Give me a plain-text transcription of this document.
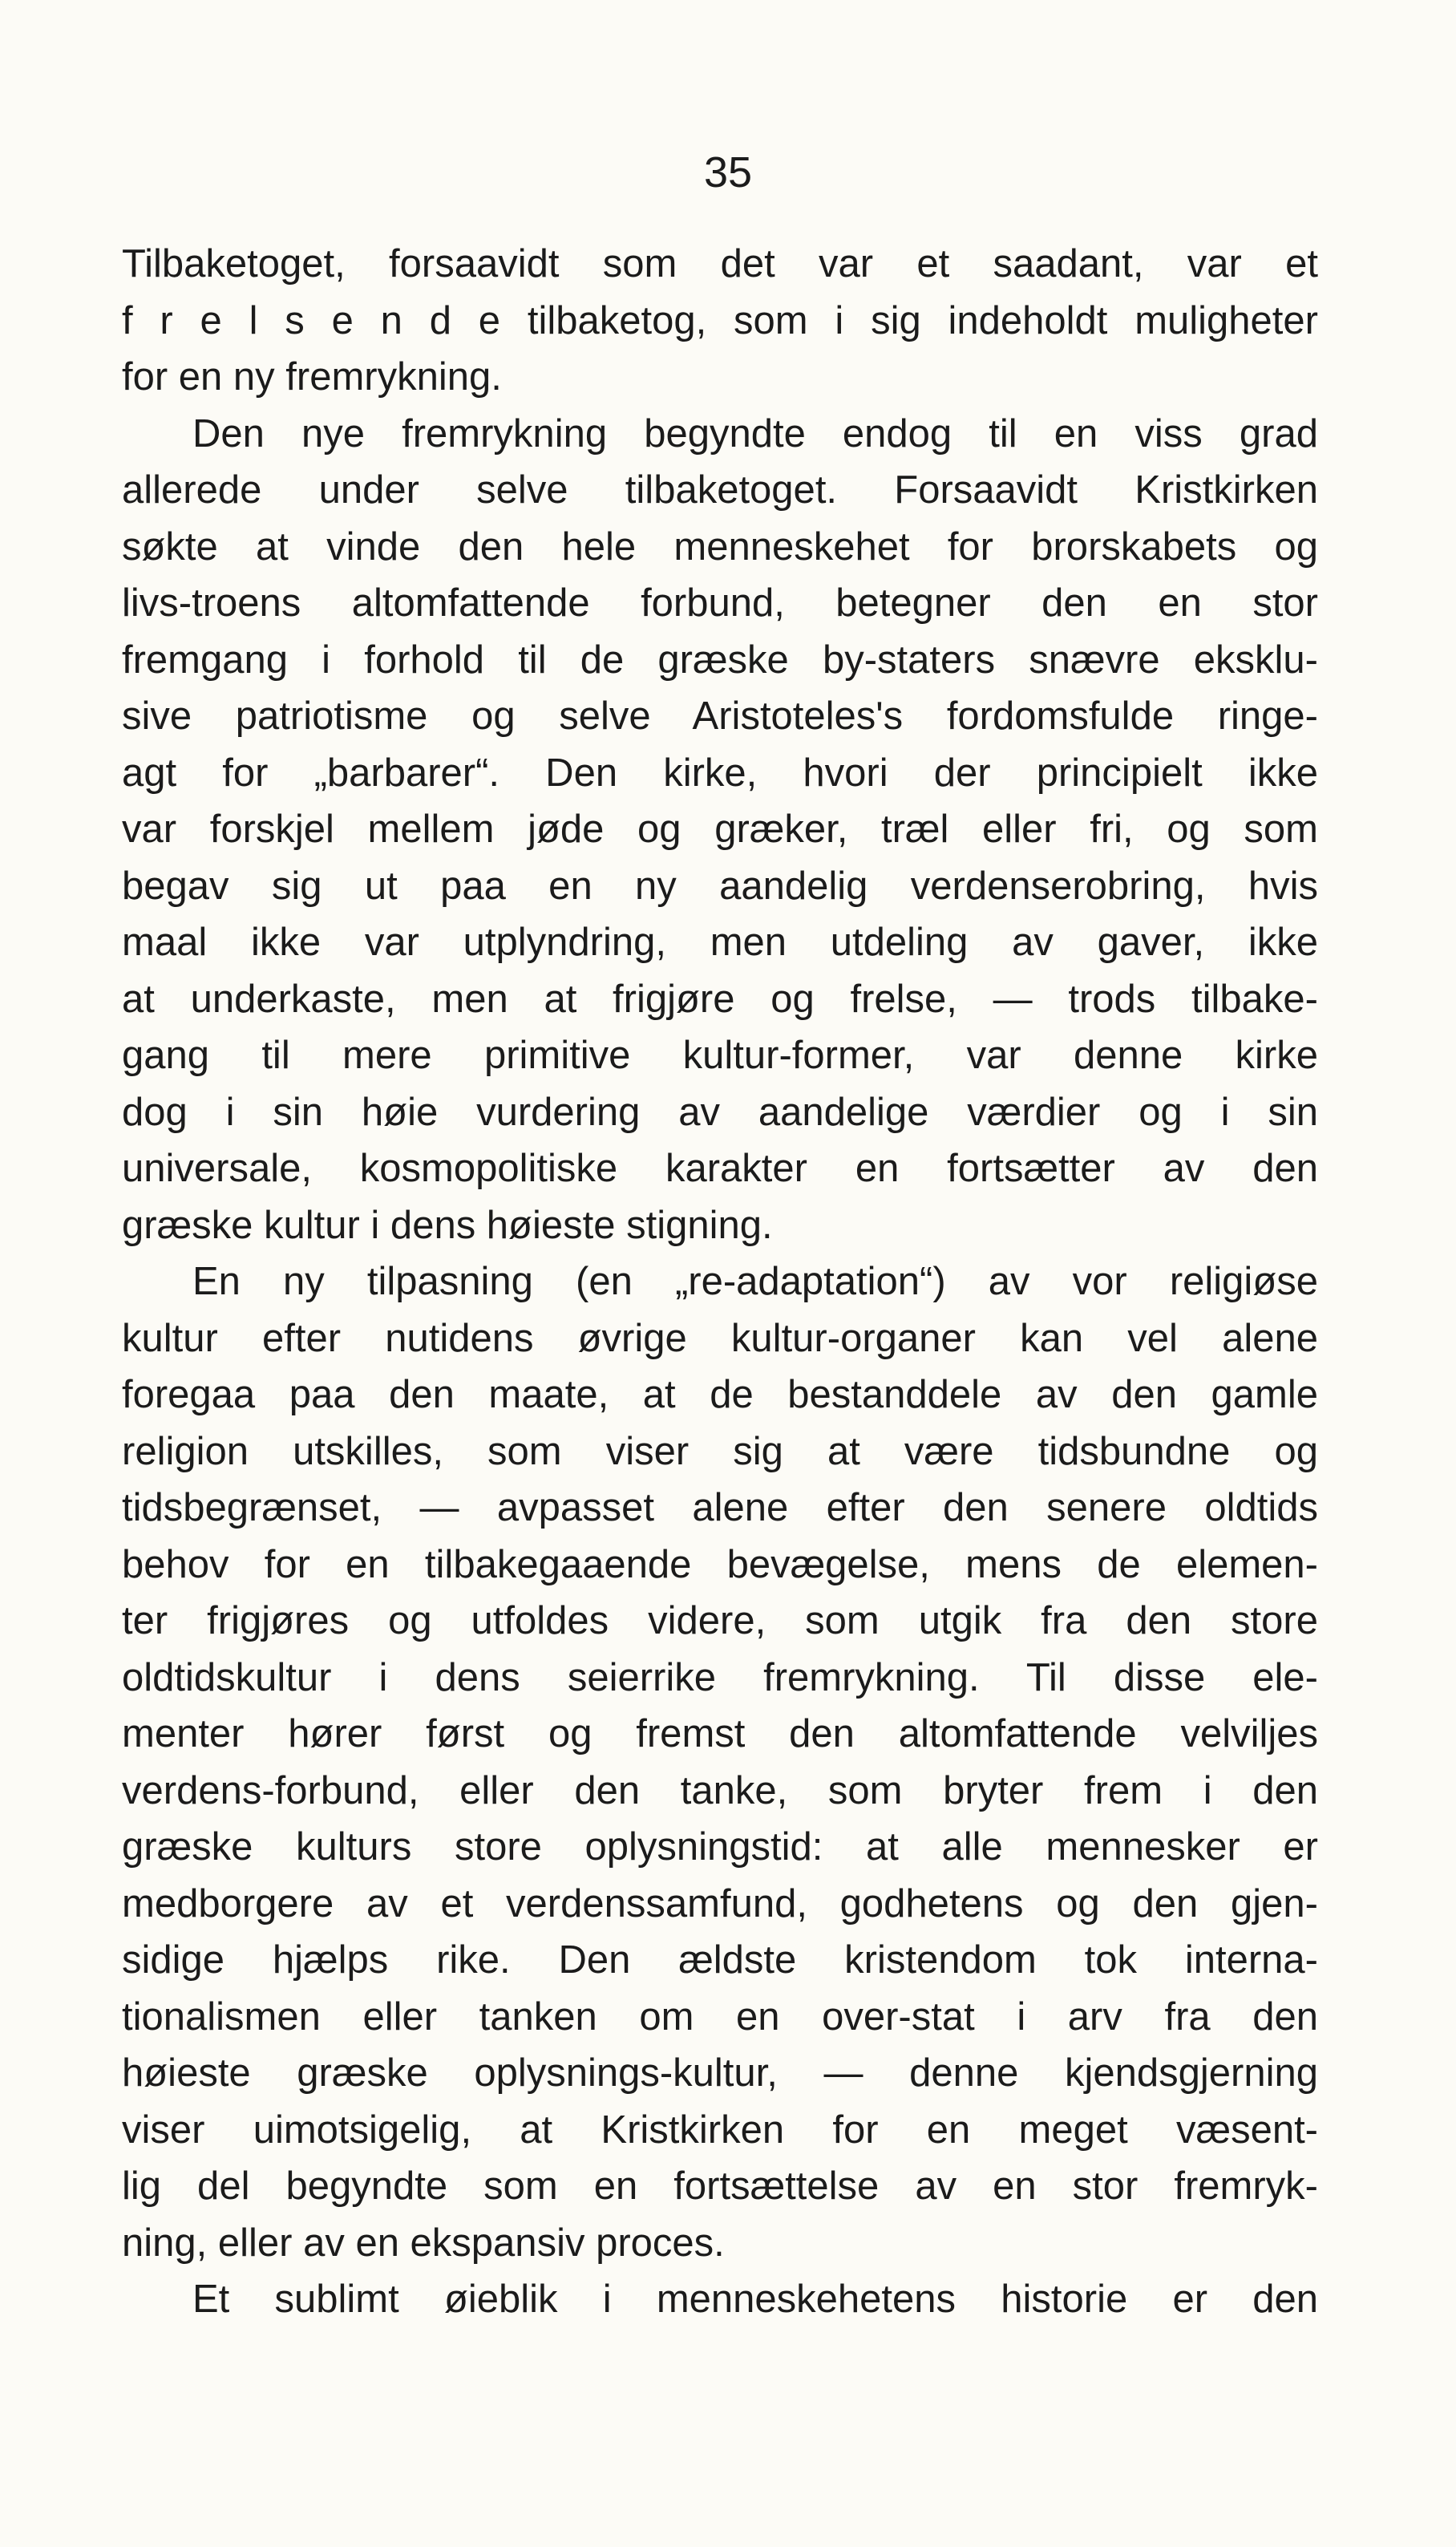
35
Tilbaketoget, forsaavidt som det var et saadant, var et
f r e l s e n d e tilbaketog, som i sig indeholdt muligheter
for en ny fremrykning.
Den nye fremrykning begyndte endog til en viss grad
allerede under selve tilbaketoget. Forsaavidt Kristkirken
søkte at vinde den hele menneskehet for brorskabets og
livs-troens altomfattende forbund, betegner den en stor
fremgang i forhold til de græske by-staters snævre eksklu-
sive patriotisme og selve Aristoteles's fordomsfulde ringe-
agt for „barbarer“. Den kirke, hvori der principielt ikke
var forskjel mellem jøde og græker, træl eller fri, og som
begav sig ut paa en ny aandelig verdenserobring, hvis
maal ikke var utplyndring, men utdeling av gaver, ikke
at underkaste, men at frigjøre og frelse, — trods tilbake-
gang til mere primitive kultur-former, var denne kirke
dog i sin høie vurdering av aandelige værdier og i sin
universale, kosmopolitiske karakter en fortsætter av den
græske kultur i dens høieste stigning.
En ny tilpasning (en „re-adaptation“) av vor religiøse
kultur efter nutidens øvrige kultur-organer kan vel alene
foregaa paa den maate, at de bestanddele av den gamle
religion utskilles, som viser sig at være tidsbundne og
tidsbegrænset, — avpasset alene efter den senere oldtids
behov for en tilbakegaaende bevægelse, mens de elemen-
ter frigjøres og utfoldes videre, som utgik fra den store
oldtidskultur i dens seierrike fremrykning. Til disse ele-
menter hører først og fremst den altomfattende velviljes
verdens-forbund, eller den tanke, som bryter frem i den
græske kulturs store oplysningstid: at alle mennesker er
medborgere av et verdenssamfund, godhetens og den gjen-
sidige hjælps rike. Den ældste kristendom tok interna-
tionalismen eller tanken om en over-stat i arv fra den
høieste græske oplysnings-kultur, — denne kjendsgjerning
viser uimotsigelig, at Kristkirken for en meget væsent-
lig del begyndte som en fortsættelse av en stor fremryk-
ning, eller av en ekspansiv proces.
Et sublimt øieblik i menneskehetens historie er den
